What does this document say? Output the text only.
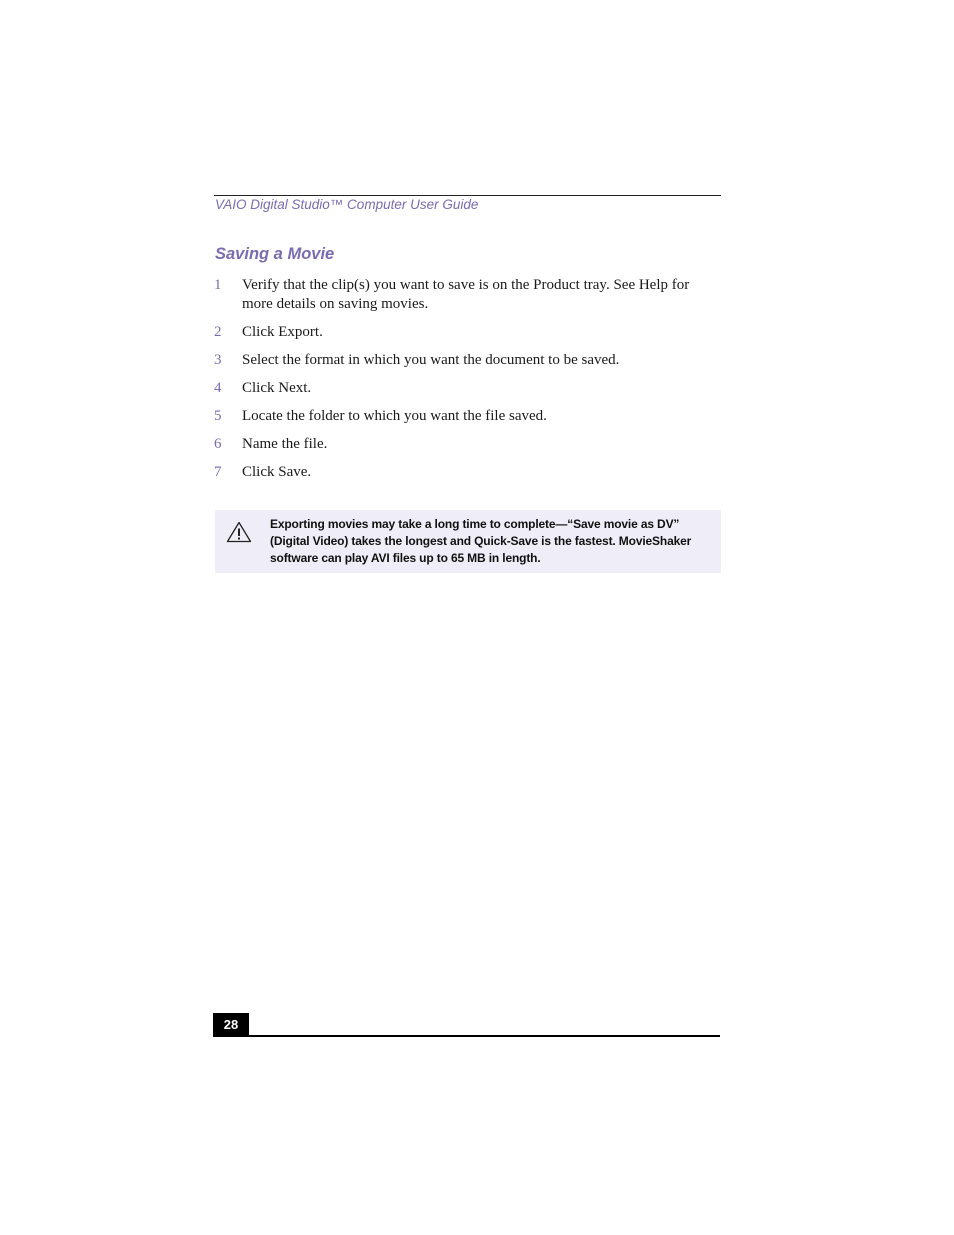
VAIO Digital Studio™ Computer User Guide
Saving a Movie
1	Verify that the clip(s) you want to save is on the Product tray. See Help for more details on saving movies.
2	Click Export.
3	Select the format in which you want the document to be saved.
4	Click Next.
5	Locate the folder to which you want the file saved.
6	Name the file.
7	Click Save.
Exporting movies may take a long time to complete—“Save movie as DV” (Digital Video) takes the longest and Quick-Save is the fastest. MovieShaker software can play AVI files up to 65 MB in length.
28
